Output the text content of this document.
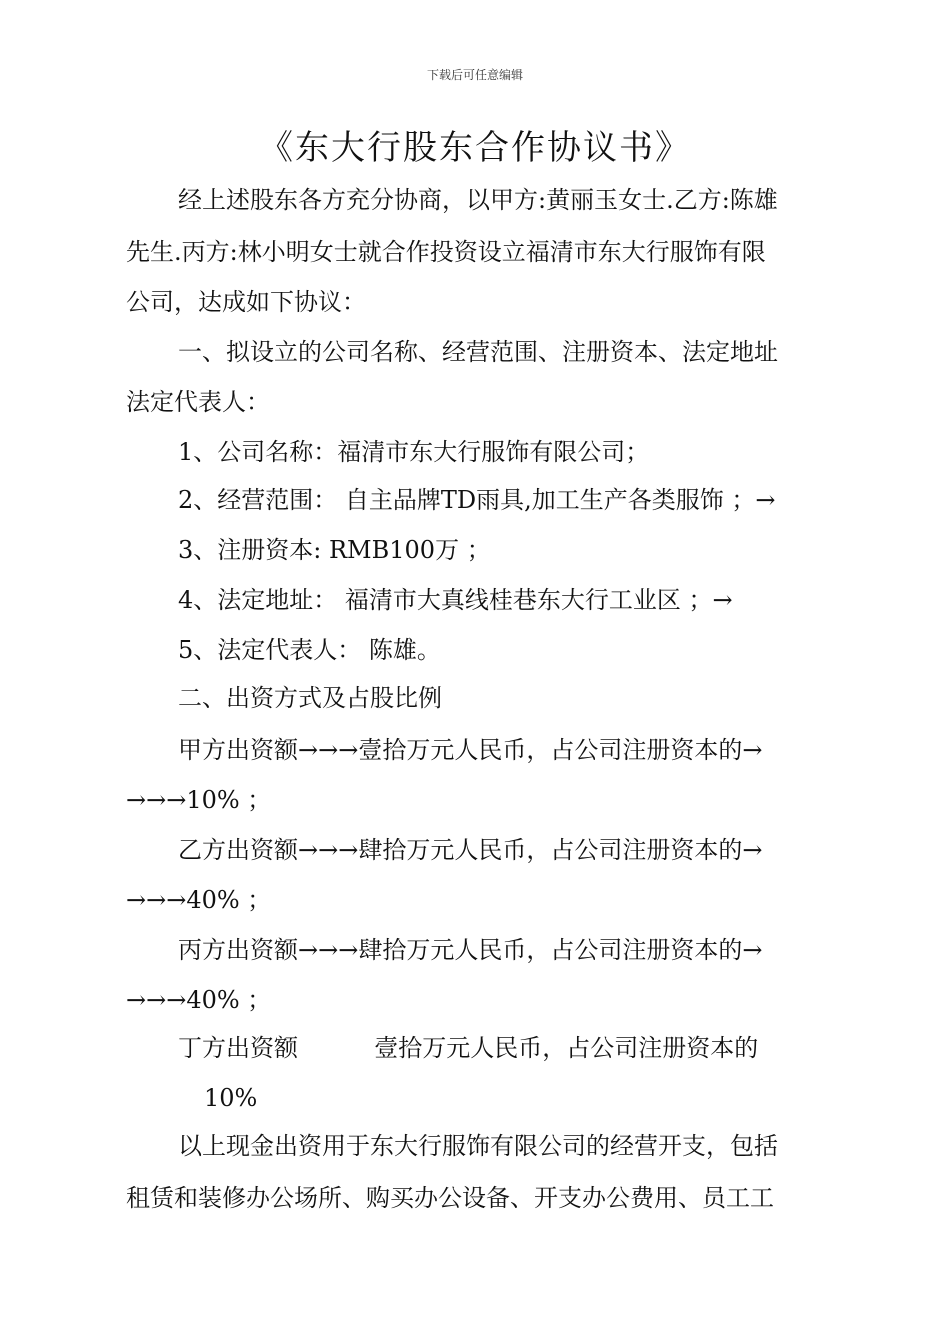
下载后可任意编辑
《东大行股东合作协议书》
经上述股东各方充分协商，以甲方:黄丽玉女士.乙方:陈雄
先生.丙方:林小明女士就合作投资设立福清市东大行服饰有限
公司，达成如下协议：
一、拟设立的公司名称、经营范围、注册资本、法定地址
法定代表人：
1、公司名称：福清市东大行服饰有限公司；
2、经营范围： 自主品牌TD雨具,加工生产各类服饰 ；→
3、注册资本: RMB100万 ；
4、法定地址： 福清市大真线桂巷东大行工业区 ；→
5、法定代表人： 陈雄。
二、出资方式及占股比例
甲方出资额→→→壹拾万元人民币，占公司注册资本的→
→→→10% ；
乙方出资额→→→肆拾万元人民币，占公司注册资本的→
→→→40% ；
丙方出资额→→→肆拾万元人民币，占公司注册资本的→
→→→40% ；
丁方出资额          壹拾万元人民币，占公司注册资本的
10%
以上现金出资用于东大行服饰有限公司的经营开支，包括
租赁和装修办公场所、购买办公设备、开支办公费用、员工工
